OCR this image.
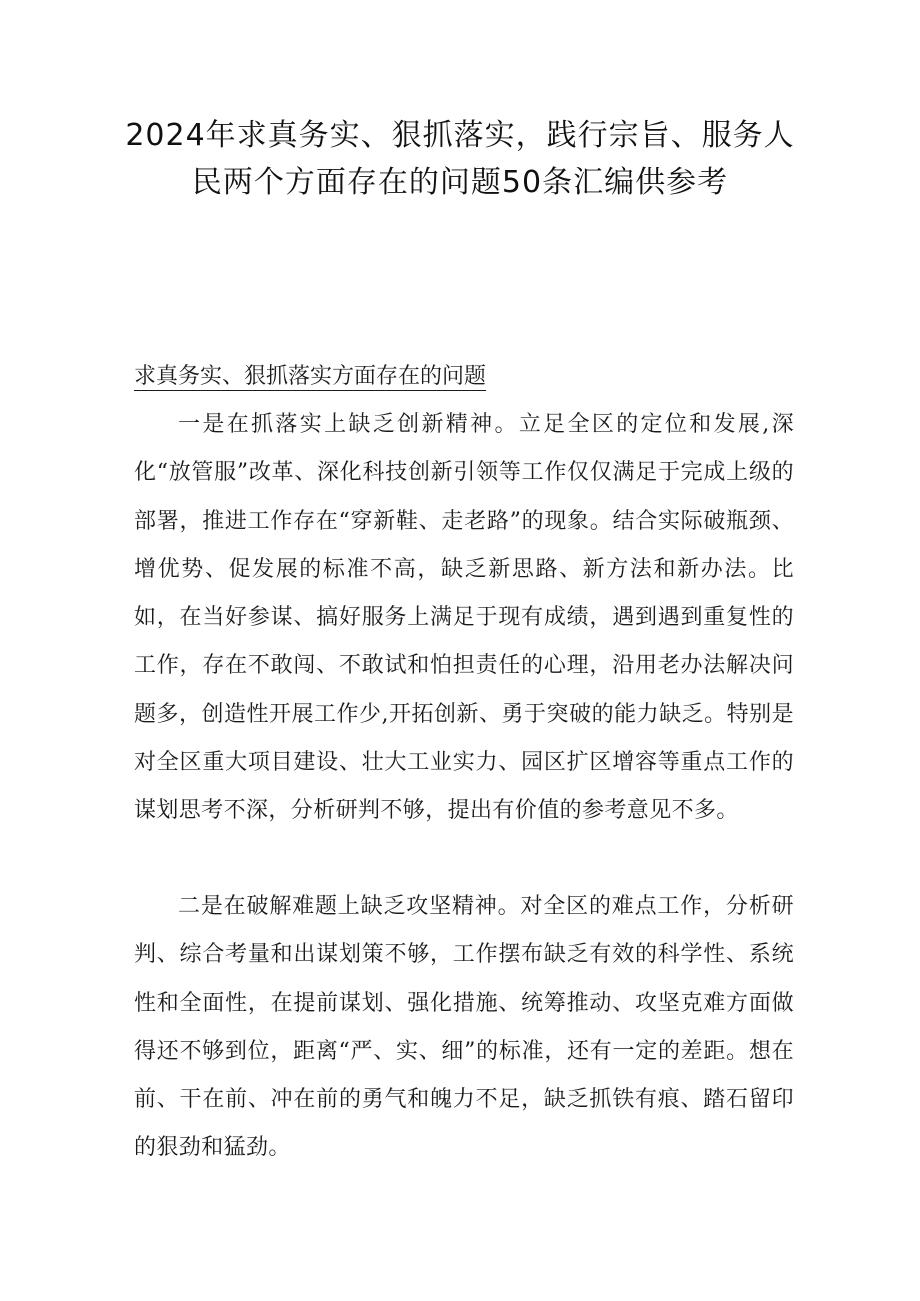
2024年求真务实、狠抓落实，践行宗旨、服务人民两个方面存在的问题50条汇编供参考
求真务实、狠抓落实方面存在的问题

一是在抓落实上缺乏创新精神。立足全区的定位和发展,深化“放管服”改革、深化科技创新引领等工作仅仅满足于完成上级的部署，推进工作存在“穿新鞋、走老路”的现象。结合实际破瓶颈、增优势、促发展的标准不高，缺乏新思路、新方法和新办法。比如，在当好参谋、搞好服务上满足于现有成绩，遇到遇到重复性的工作，存在不敢闯、不敢试和怕担责任的心理，沿用老办法解决问题多，创造性开展工作少,开拓创新、勇于突破的能力缺乏。特别是对全区重大项目建设、壮大工业实力、园区扩区增容等重点工作的谋划思考不深，分析研判不够，提出有价值的参考意见不多。

二是在破解难题上缺乏攻坚精神。对全区的难点工作，分析研判、综合考量和出谋划策不够，工作摆布缺乏有效的科学性、系统性和全面性，在提前谋划、强化措施、统筹推动、攻坚克难方面做得还不够到位，距离“严、实、细”的标准，还有一定的差距。想在前、干在前、冲在前的勇气和魄力不足，缺乏抓铁有痕、踏石留印的狠劲和猛劲。
